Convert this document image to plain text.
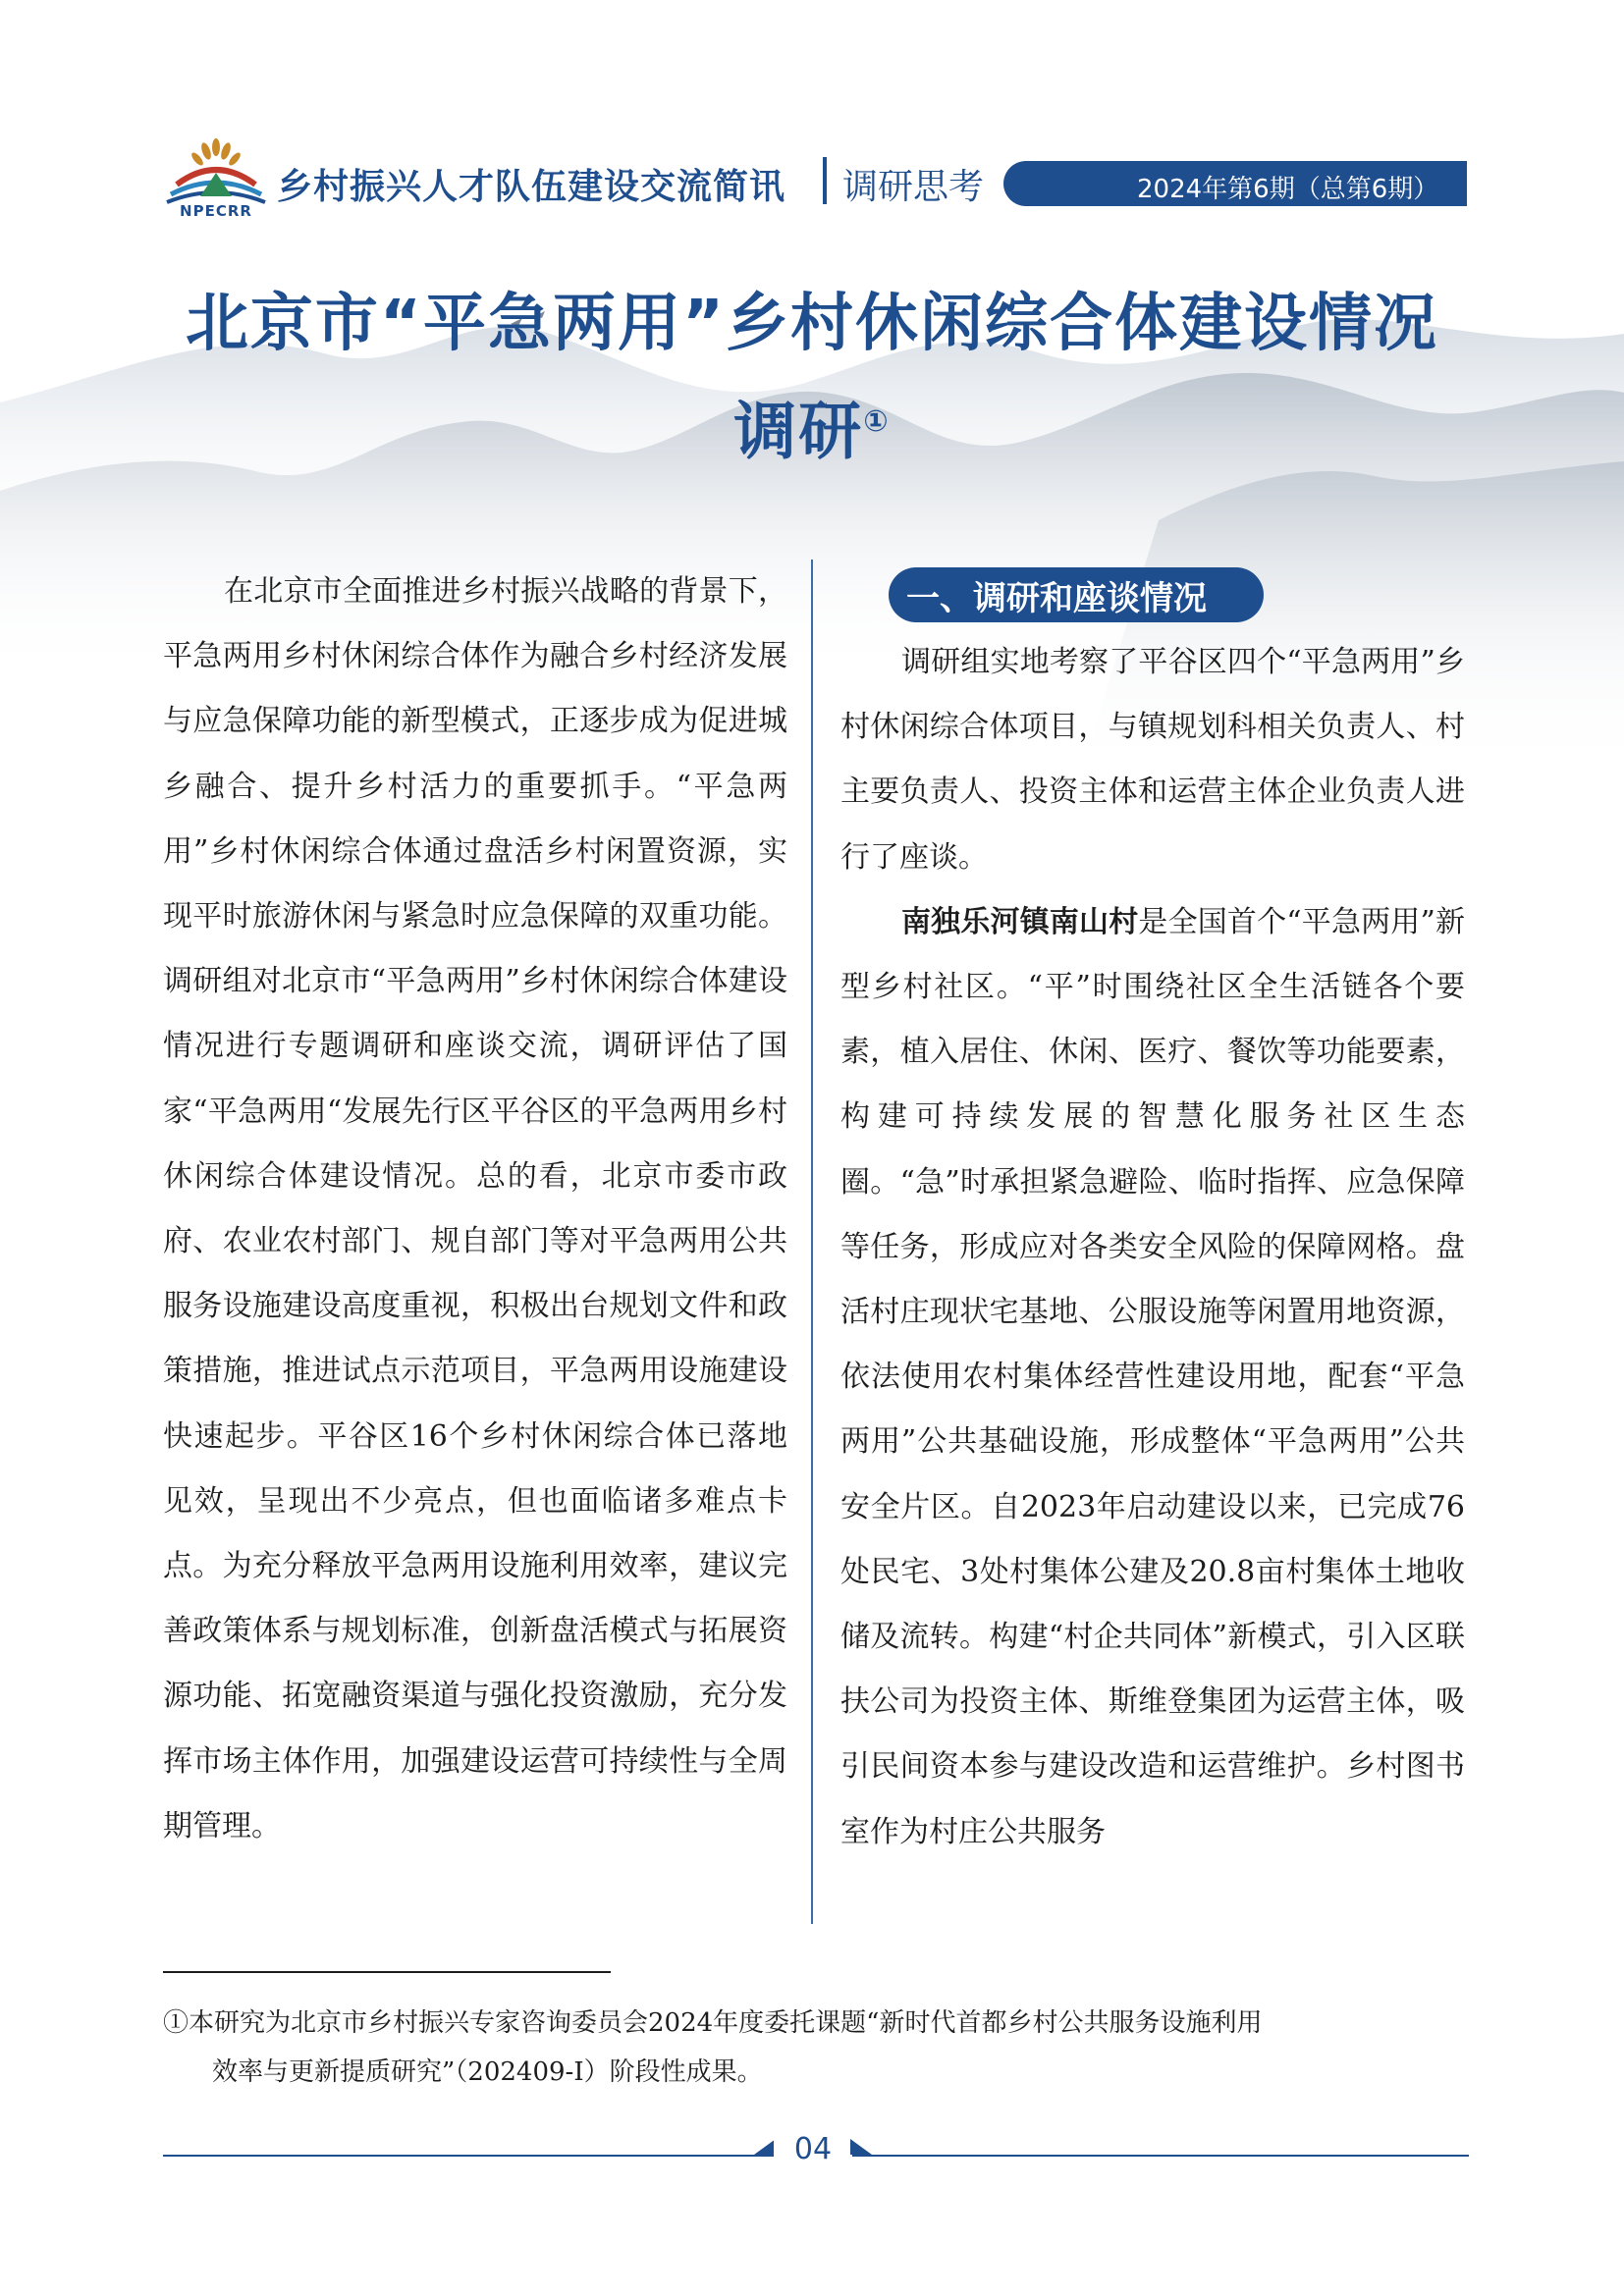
NPECRR
乡村振兴人才队伍建设交流简讯 调研思考	2024年第6期（总第6期）
北京市“平急两用”乡村休闲综合体建设情况
调研①

在北京市全面推进乡村振兴战略的背景下，平急两用乡村休闲综合体作为融合乡村经济发展与应急保障功能的新型模式，正逐步成为促进城乡融合、提升乡村活力的重要抓手。“平急两用”乡村休闲综合体通过盘活乡村闲置资源，实现平时旅游休闲与紧急时应急保障的双重功能。调研组对北京市“平急两用”乡村休闲综合体建设情况进行专题调研和座谈交流，调研评估了国家“平急两用“发展先行区平谷区的平急两用乡村休闲综合体建设情况。总的看，北京市委市政府、农业农村部门、规自部门等对平急两用公共服务设施建设高度重视，积极出台规划文件和政策措施，推进试点示范项目，平急两用设施建设快速起步。平谷区16个乡村休闲综合体已落地见效，呈现出不少亮点，但也面临诸多难点卡点。为充分释放平急两用设施利用效率，建议完善政策体系与规划标准，创新盘活模式与拓展资源功能、拓宽融资渠道与强化投资激励，充分发挥市场主体作用，加强建设运营可持续性与全周期管理。

一、调研和座谈情况

调研组实地考察了平谷区四个“平急两用”乡村休闲综合体项目，与镇规划科相关负责人、村主要负责人、投资主体和运营主体企业负责人进行了座谈。

南独乐河镇南山村是全国首个“平急两用”新型乡村社区。“平”时围绕社区全生活链各个要素，植入居住、休闲、医疗、餐饮等功能要素，构建可持续发展的智慧化服务社区生态圈。“急”时承担紧急避险、临时指挥、应急保障等任务，形成应对各类安全风险的保障网格。盘活村庄现状宅基地、公服设施等闲置用地资源，依法使用农村集体经营性建设用地，配套“平急两用”公共基础设施，形成整体“平急两用”公共安全片区。自2023年启动建设以来，已完成76处民宅、3处村集体公建及20.8亩村集体土地收储及流转。构建“村企共同体”新模式，引入区联扶公司为投资主体、斯维登集团为运营主体，吸引民间资本参与建设改造和运营维护。乡村图书室作为村庄公共服务

①本研究为北京市乡村振兴专家咨询委员会2024年度委托课题“新时代首都乡村公共服务设施利用
效率与更新提质研究”（202409-I）阶段性成果。
04
